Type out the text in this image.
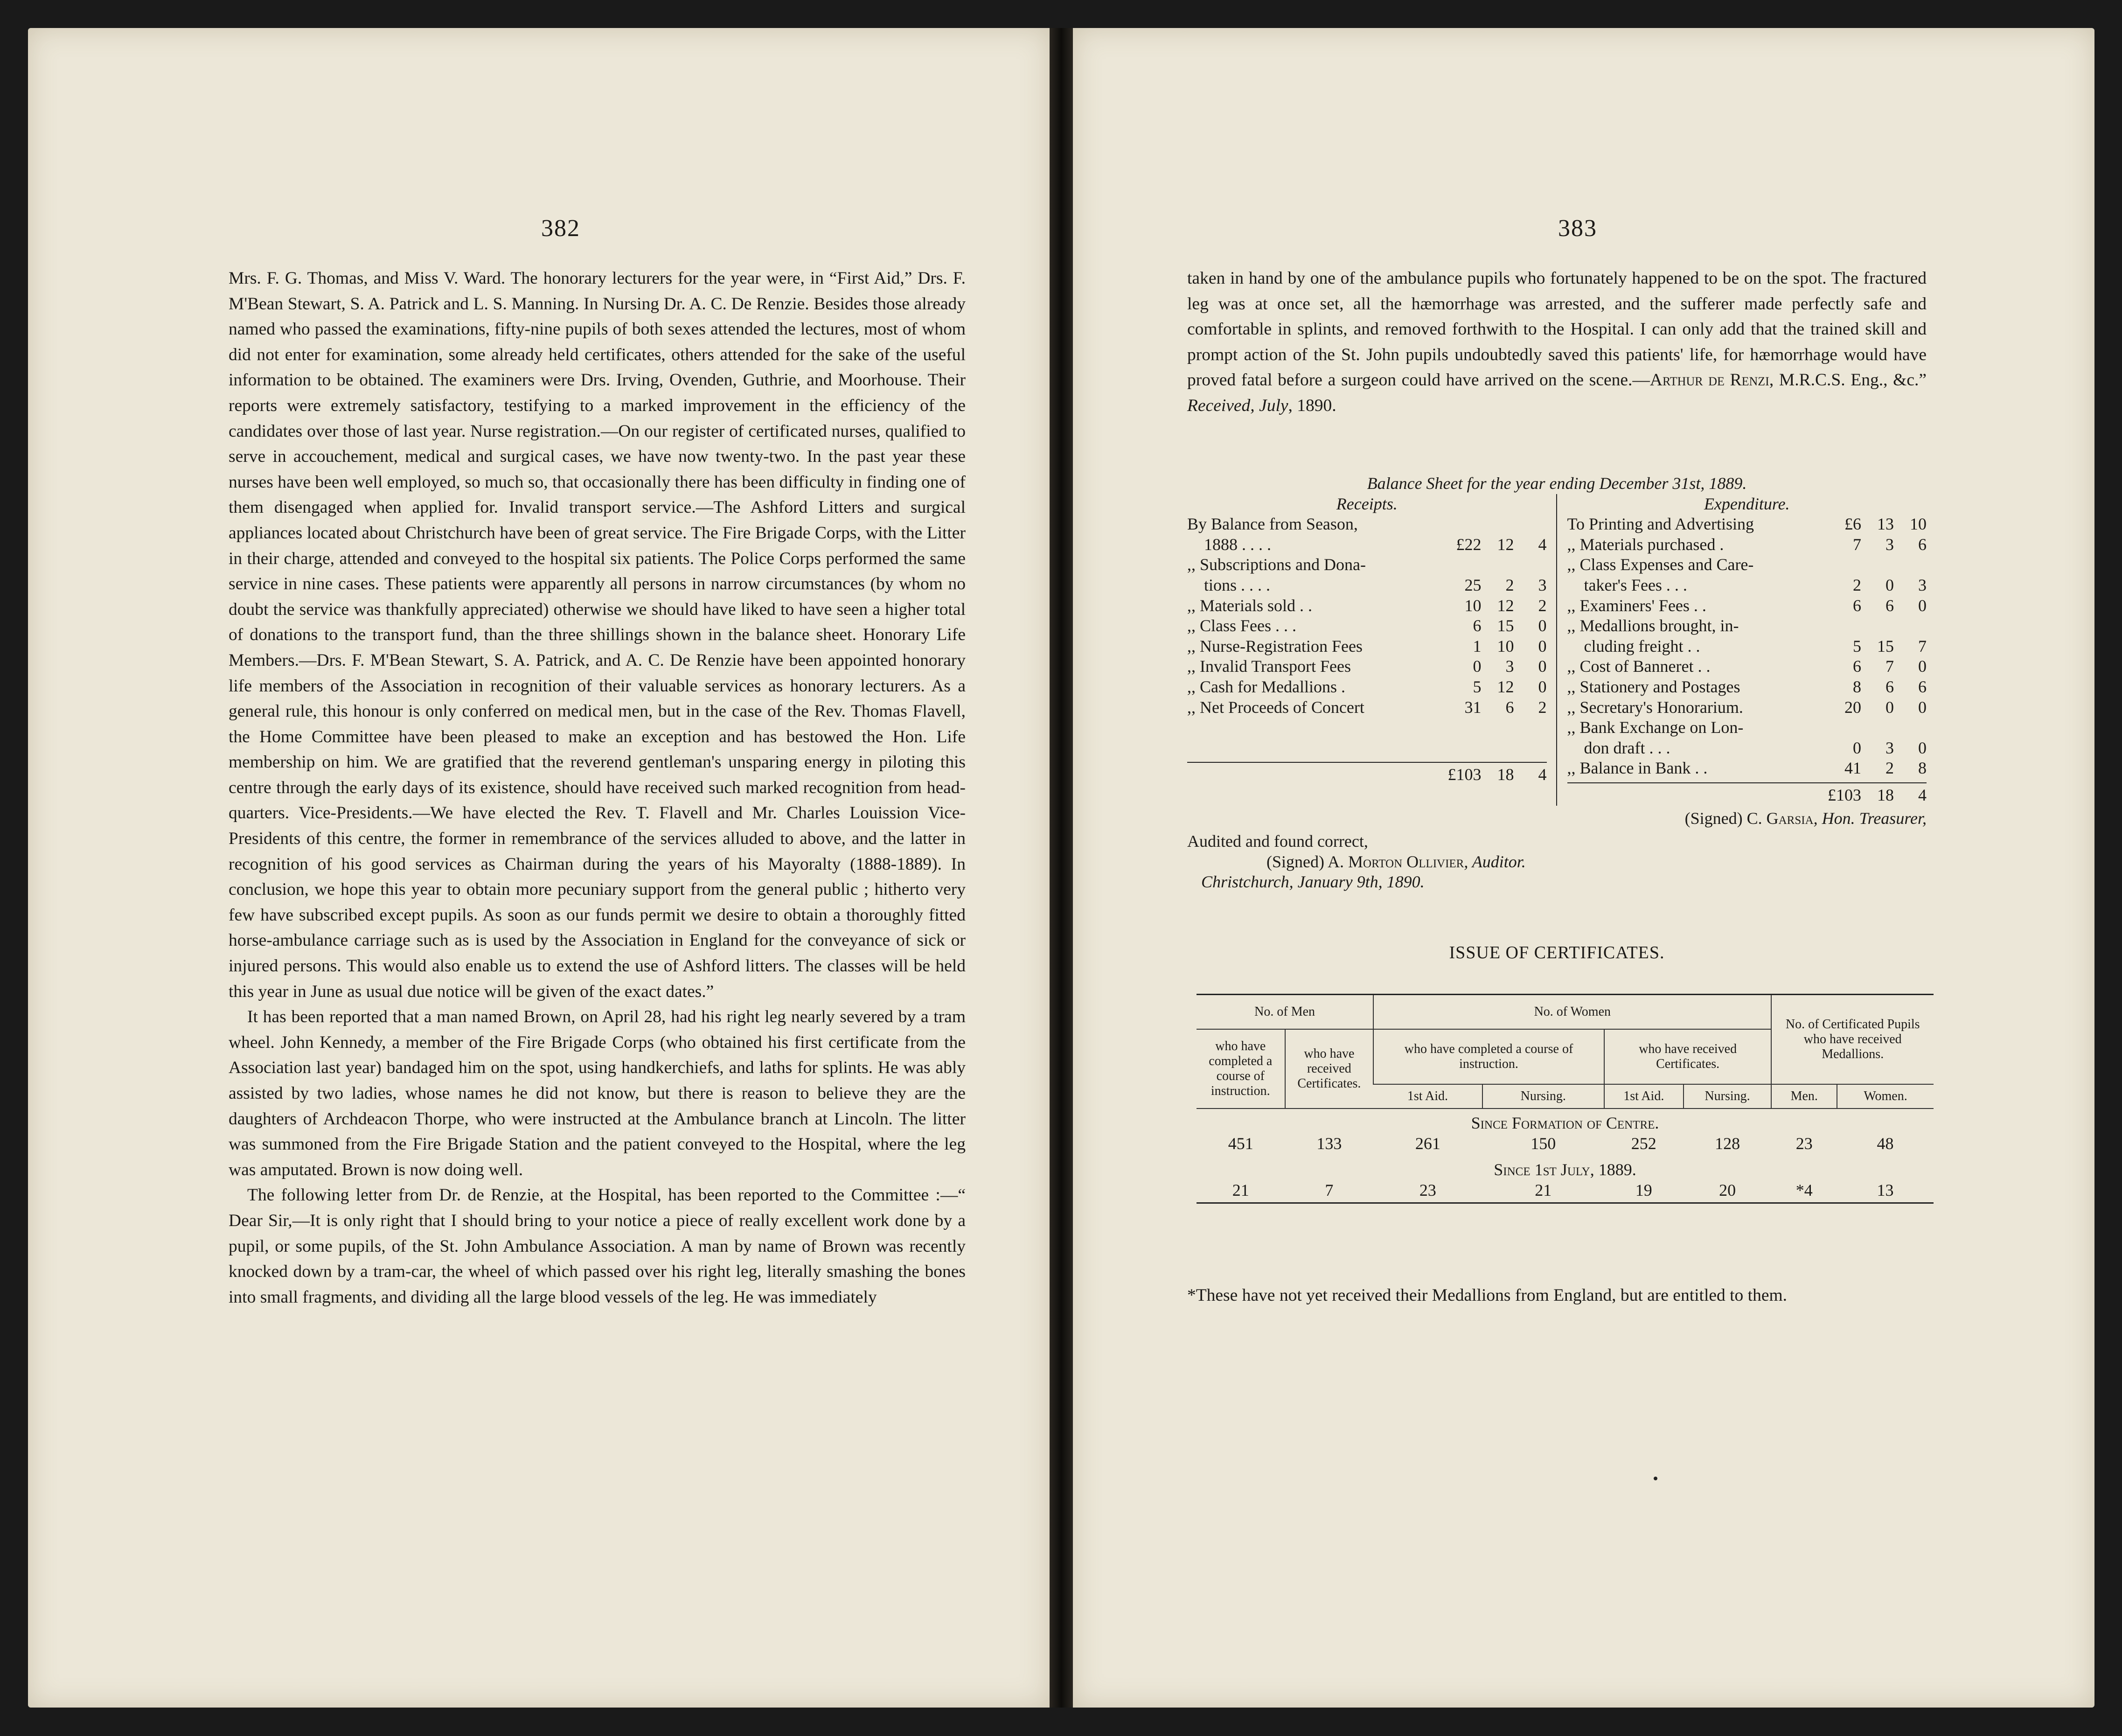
382

Mrs. F. G. Thomas, and Miss V. Ward. The honorary lecturers for the year were, in “First Aid,” Drs. F. M'Bean Stewart, S. A. Patrick and L. S. Manning. In Nursing Dr. A. C. De Renzie. Besides those already named who passed the examinations, fifty-nine pupils of both sexes attended the lectures, most of whom did not enter for examination, some already held certificates, others attended for the sake of the useful information to be obtained. The examiners were Drs. Irving, Ovenden, Guthrie, and Moorhouse. Their reports were extremely satisfactory, testifying to a marked improvement in the efficiency of the candidates over those of last year. Nurse registration.—On our register of certificated nurses, qualified to serve in accouchement, medical and surgical cases, we have now twenty-two. In the past year these nurses have been well employed, so much so, that occasionally there has been difficulty in finding one of them disengaged when applied for. Invalid transport service.—The Ashford Litters and surgical appliances located about Christchurch have been of great service. The Fire Brigade Corps, with the Litter in their charge, attended and conveyed to the hospital six patients. The Police Corps performed the same service in nine cases. These patients were apparently all persons in narrow circumstances (by whom no doubt the service was thankfully appreciated) otherwise we should have liked to have seen a higher total of donations to the transport fund, than the three shillings shown in the balance sheet. Honorary Life Members.—Drs. F. M'Bean Stewart, S. A. Patrick, and A. C. De Renzie have been appointed honorary life members of the Association in recognition of their valuable services as honorary lecturers. As a general rule, this honour is only conferred on medical men, but in the case of the Rev. Thomas Flavell, the Home Committee have been pleased to make an exception and has bestowed the Hon. Life membership on him. We are gratified that the reverend gentleman's unsparing energy in piloting this centre through the early days of its existence, should have received such marked recognition from head-quarters. Vice-Presidents.—We have elected the Rev. T. Flavell and Mr. Charles Louission Vice-Presidents of this centre, the former in remembrance of the services alluded to above, and the latter in recognition of his good services as Chairman during the years of his Mayoralty (1888-1889). In conclusion, we hope this year to obtain more pecuniary support from the general public ; hitherto very few have subscribed except pupils. As soon as our funds permit we desire to obtain a thoroughly fitted horse-ambulance carriage such as is used by the Association in England for the conveyance of sick or injured persons. This would also enable us to extend the use of Ashford litters. The classes will be held this year in June as usual due notice will be given of the exact dates.”

It has been reported that a man named Brown, on April 28, had his right leg nearly severed by a tram wheel. John Kennedy, a member of the Fire Brigade Corps (who obtained his first certificate from the Association last year) bandaged him on the spot, using handkerchiefs, and laths for splints. He was ably assisted by two ladies, whose names he did not know, but there is reason to believe they are the daughters of Archdeacon Thorpe, who were instructed at the Ambulance branch at Lincoln. The litter was summoned from the Fire Brigade Station and the patient conveyed to the Hospital, where the leg was amputated. Brown is now doing well.

The following letter from Dr. de Renzie, at the Hospital, has been reported to the Committee :—“ Dear Sir,—It is only right that I should bring to your notice a piece of really excellent work done by a pupil, or some pupils, of the St. John Ambulance Association. A man by name of Brown was recently knocked down by a tram-car, the wheel of which passed over his right leg, literally smashing the bones into small fragments, and dividing all the large blood vessels of the leg. He was immediately

383

taken in hand by one of the ambulance pupils who fortunately happened to be on the spot. The fractured leg was at once set, all the hæmorrhage was arrested, and the sufferer made perfectly safe and comfortable in splints, and removed forthwith to the Hospital. I can only add that the trained skill and prompt action of the St. John pupils undoubtedly saved this patients' life, for hæmorrhage would have proved fatal before a surgeon could have arrived on the scene.—Arthur de Renzi, M.R.C.S. Eng., &c.” Received, July, 1890.

Balance Sheet for the year ending December 31st, 1889.
Receipts.
By Balance from Season,
1888 . . . .	£22 12	4
,, Subscriptions and Dona-
tions . . . .	25	2	3
,, Materials sold . .	10 12	2
,, Class Fees . . .	6 15	0
,, Nurse-Registration Fees	1 10	0
,, Invalid Transport Fees	0	3	0
,, Cash for Medallions .	5 12	0
,, Net Proceeds of Concert	31	6	2
£103 18	4
Expenditure.
To Printing and Advertising	£6 13 10
,, Materials purchased .	7	3	6
,, Class Expenses and Care-
taker's Fees . . .	2	0	3
,, Examiners' Fees . .	6	6	0
,, Medallions brought, in-
cluding freight . .	5 15	7
,, Cost of Banneret . .	6	7	0
,, Stationery and Postages	8	6	6
,, Secretary's Honorarium.	20	0	0
,, Bank Exchange on Lon-
don draft . . .	0	3	0
,, Balance in Bank . .	41	2	8
£103 18	4
(Signed) C. Garsia, Hon. Treasurer,
Audited and found correct,
(Signed) A. Morton Ollivier, Auditor.
Christchurch, January 9th, 1890.
ISSUE OF CERTIFICATES.
No. of Men		No. of Women				No. of Certificated Pupils who have received Medallions.	
who have completed a course of instruction.	who have received Certificates.	who have completed a course of instruction.		who have received Certificates.			
		1st Aid.	Nursing.	1st Aid.	Nursing.	Men.	Women.
Since Formation of Centre.							
451	133	261	150	252	128	23	48
Since 1st July, 1889.							
21	7	23	21	19	20	*4	13
*These have not yet received their Medallions from England, but are entitled to them.
